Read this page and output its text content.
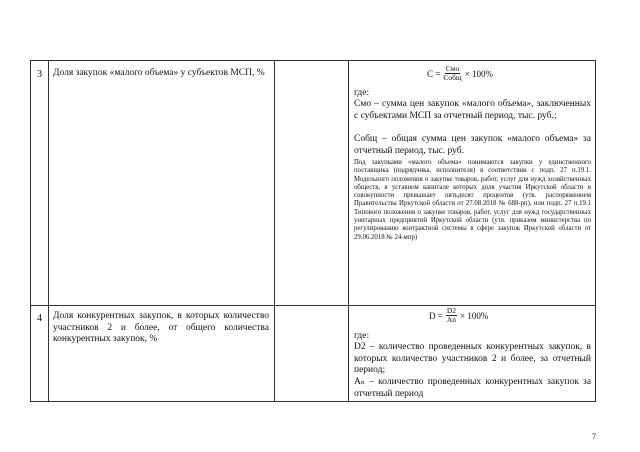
3 Доля закупок «малого объема» у субъектов МСП, %	$C = \frac{\text{Смо}}{\text{Собщ}} \times 100\%$
где:
Смо – сумма цен закупок «малого объема», заключенных с субъектами МСП за отчетный период, тыс. руб.;
Собщ – общая сумма цен закупок «малого объема» за отчетный период, тыс. руб.
Под закупками «малого объема» понимаются закупки у единственного поставщика (подрядчика, исполнителя) в соответствии с подп. 27 п.19.1. Модельного положения о закупке товаров, работ, услуг для нужд хозяйственных обществ, в уставном капитале которых доля участия Иркутской области в совокупности превышает пятьдесят процентов (утв. распоряжением Правительства Иркутской области от 27.08.2018 № 688-рп), или подп. 27 п.19.1 Типового положения о закупке товаров, работ, услуг для нужд государственных унитарных предприятий Иркутской области (утв. приказом министерства по регулированию контрактной системы в сфере закупок Иркутской области от 29.06.2018 № 24-мпр)
4 Доля конкурентных закупок, в которых количество участников 2 и более, от общего количества конкурентных закупок, %
$D = \frac{D2}{An} \times 100\%$
где:
D2 – количество проведенных конкурентных закупок, в которых количество участников 2 и более, за отчетный период;
Aₙ – количество проведенных конкурентных закупок за отчетный период
7
